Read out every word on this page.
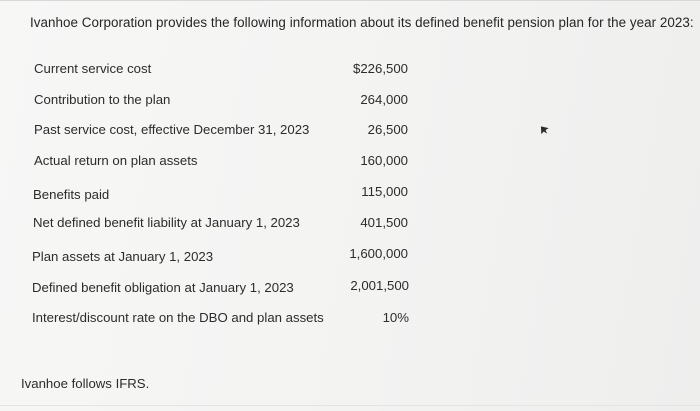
Ivanhoe Corporation provides the following information about its defined benefit pension plan for the year 2023:
Current service cost	$226,500
Contribution to the plan	264,000
Past service cost, effective December 31, 2023	26,500
Actual return on plan assets	160,000
Benefits paid	115,000
Net defined benefit liability at January 1, 2023	401,500
Plan assets at January 1, 2023	1,600,000
Defined benefit obligation at January 1, 2023	2,001,500
Interest/discount rate on the DBO and plan assets	10%
Ivanhoe follows IFRS.
